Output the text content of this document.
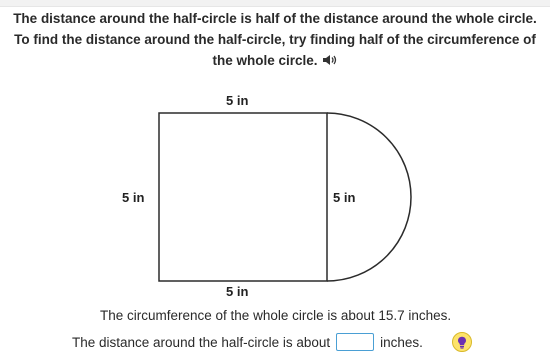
The distance around the half-circle is half of the distance around the whole circle.
To find the distance around the half-circle, try finding half of the circumference of
the whole circle.
5 in
5 in	5 in
5 in
The circumference of the whole circle is about 15.7 inches.
The distance around the half-circle is about	inches.
